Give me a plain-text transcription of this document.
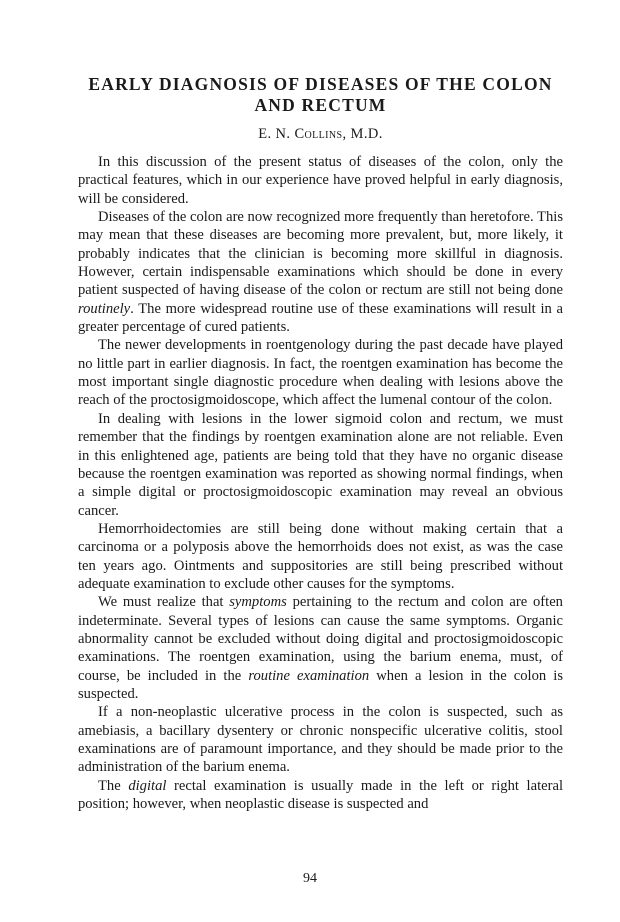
EARLY DIAGNOSIS OF DISEASES OF THE COLON
AND RECTUM
E. N. Collins, M.D.

In this discussion of the present status of diseases of the colon, only the practical features, which in our experience have proved helpful in early diagnosis, will be considered.

Diseases of the colon are now recognized more frequently than heretofore. This may mean that these diseases are becoming more prevalent, but, more likely, it probably indicates that the clinician is becoming more skillful in diagnosis. However, certain indispensable examinations which should be done in every patient suspected of having disease of the colon or rectum are still not being done routinely. The more widespread routine use of these examinations will result in a greater percentage of cured patients.

The newer developments in roentgenology during the past decade have played no little part in earlier diagnosis. In fact, the roentgen examination has become the most important single diagnostic procedure when dealing with lesions above the reach of the proctosigmoidoscope, which affect the lumenal contour of the colon.

In dealing with lesions in the lower sigmoid colon and rectum, we must remember that the findings by roentgen examination alone are not reliable. Even in this enlightened age, patients are being told that they have no organic disease because the roentgen examination was reported as showing normal findings, when a simple digital or proctosigmoidoscopic examination may reveal an obvious cancer.

Hemorrhoidectomies are still being done without making certain that a carcinoma or a polyposis above the hemorrhoids does not exist, as was the case ten years ago. Ointments and suppositories are still being prescribed without adequate examination to exclude other causes for the symptoms.

We must realize that symptoms pertaining to the rectum and colon are often indeterminate. Several types of lesions can cause the same symptoms. Organic abnormality cannot be excluded without doing digital and proctosigmoidoscopic examinations. The roentgen examination, using the barium enema, must, of course, be included in the routine examination when a lesion in the colon is suspected.

If a non-neoplastic ulcerative process in the colon is suspected, such as amebiasis, a bacillary dysentery or chronic nonspecific ulcerative colitis, stool examinations are of paramount importance, and they should be made prior to the administration of the barium enema.

The digital rectal examination is usually made in the left or right lateral position; however, when neoplastic disease is suspected and

94
